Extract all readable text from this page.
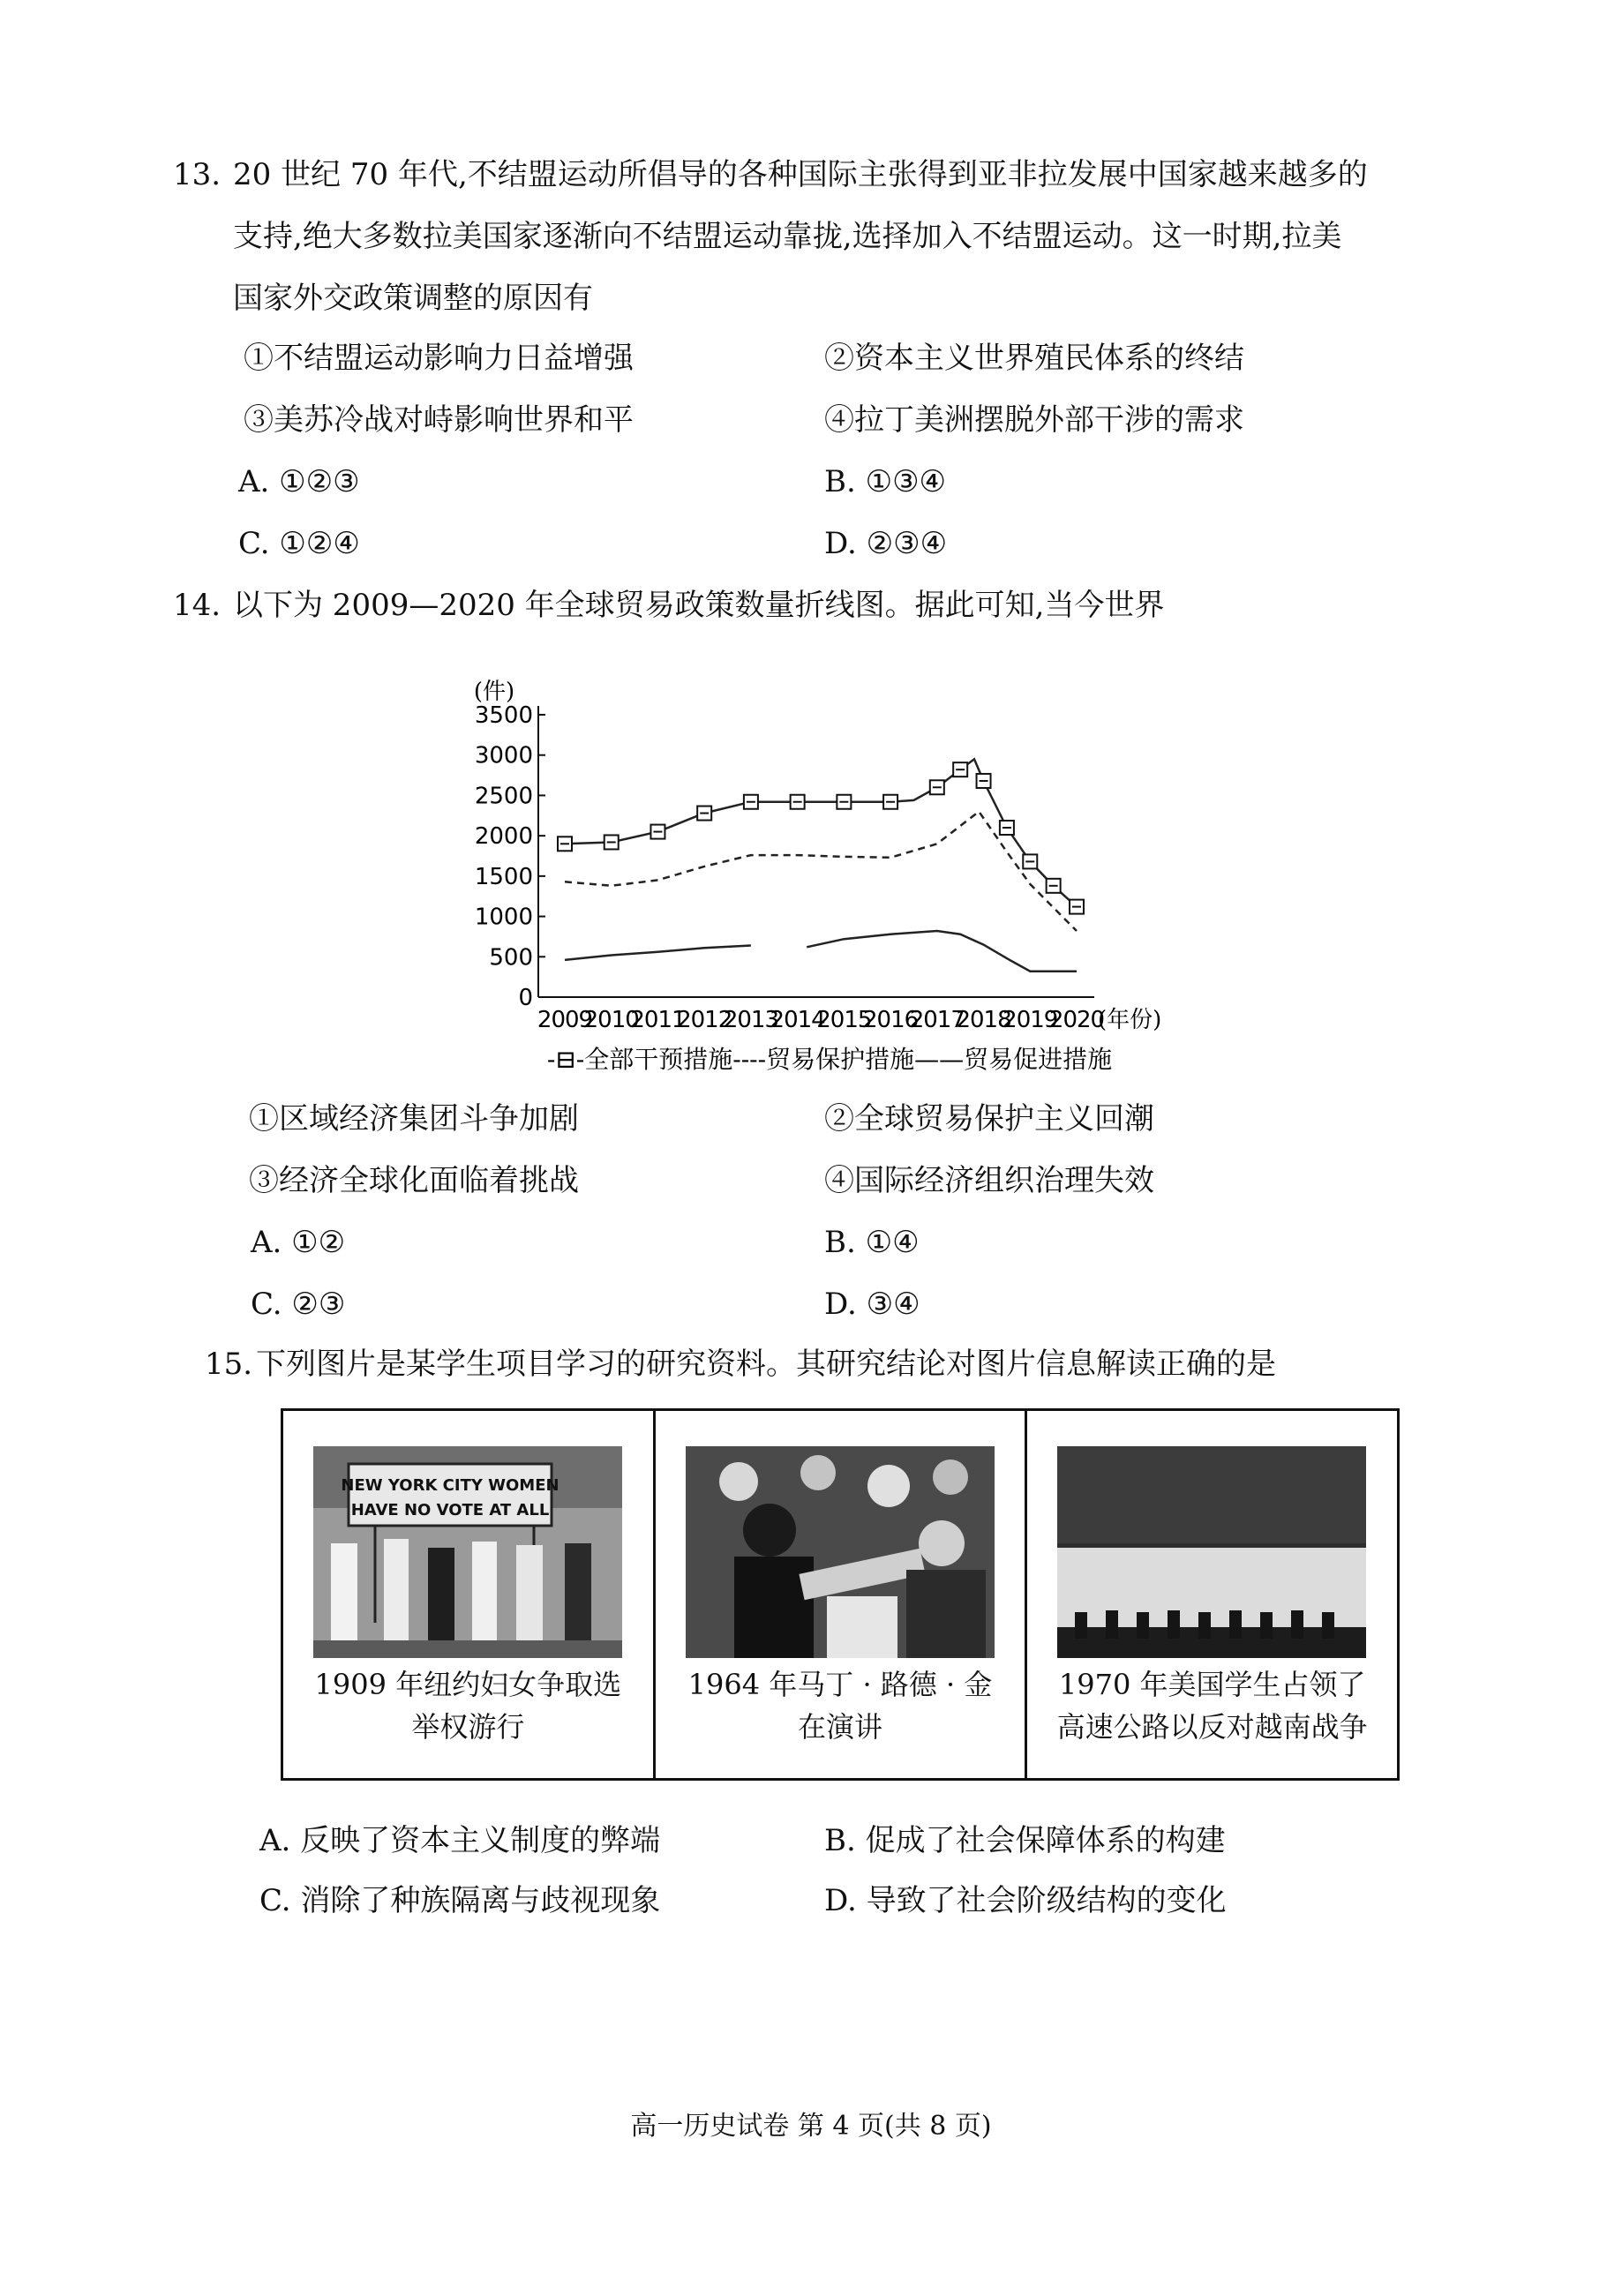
13. 20 世纪 70 年代,不结盟运动所倡导的各种国际主张得到亚非拉发展中国家越来越多的
支持,绝大多数拉美国家逐渐向不结盟运动靠拢,选择加入不结盟运动。这一时期,拉美
国家外交政策调整的原因有
①不结盟运动影响力日益增强	②资本主义世界殖民体系的终结
③美苏冷战对峙影响世界和平	④拉丁美洲摆脱外部干涉的需求
A. ①②③	B. ①③④
C. ①②④	D. ②③④
14. 以下为 2009—2020 年全球贸易政策数量折线图。据此可知,当今世界
(件)
0
500
1000
1500
2000
2500
3000
3500
2009
2010
2011
2012
2013
2014
2015
2016
2017
2018
2019
2020
(年份)
-⊟-全部干预措施----贸易保护措施——贸易促进措施
①区域经济集团斗争加剧	②全球贸易保护主义回潮
③经济全球化面临着挑战	④国际经济组织治理失效
A. ①②	B. ①④
C. ②③	D. ③④
15. 下列图片是某学生项目学习的研究资料。其研究结论对图片信息解读正确的是
NEW YORK CITY WOMEN
HAVE NO VOTE AT ALL
1909 年纽约妇女争取选
举权游行
1964 年马丁 · 路德 · 金
在演讲
1970 年美国学生占领了
高速公路以反对越南战争
A. 反映了资本主义制度的弊端	B. 促成了社会保障体系的构建
C. 消除了种族隔离与歧视现象	D. 导致了社会阶级结构的变化
高一历史试卷 第 4 页(共 8 页)
